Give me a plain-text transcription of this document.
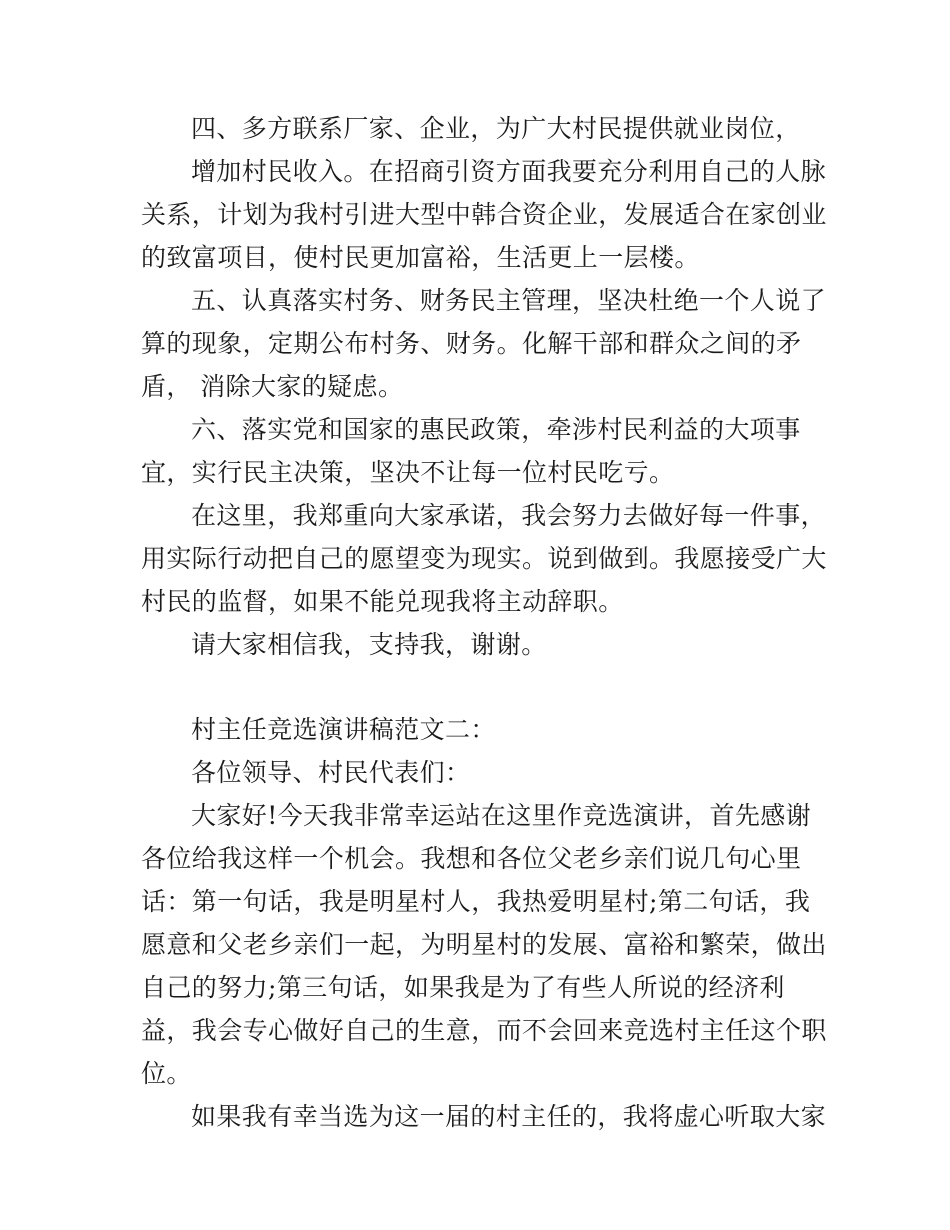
四、多方联系厂家、企业，为广大村民提供就业岗位，
增加村民收入。在招商引资方面我要充分利用自己的人脉
关系，计划为我村引进大型中韩合资企业，发展适合在家创业
的致富项目，使村民更加富裕，生活更上一层楼。
五、认真落实村务、财务民主管理，坚决杜绝一个人说了
算的现象，定期公布村务、财务。化解干部和群众之间的矛
盾， 消除大家的疑虑。
六、落实党和国家的惠民政策，牵涉村民利益的大项事
宜，实行民主决策，坚决不让每一位村民吃亏。
在这里，我郑重向大家承诺，我会努力去做好每一件事，
用实际行动把自己的愿望变为现实。说到做到。我愿接受广大
村民的监督，如果不能兑现我将主动辞职。
请大家相信我，支持我，谢谢。
村主任竞选演讲稿范文二：
各位领导、村民代表们：
大家好!今天我非常幸运站在这里作竞选演讲，首先感谢
各位给我这样一个机会。我想和各位父老乡亲们说几句心里
话：第一句话，我是明星村人，我热爱明星村;第二句话，我
愿意和父老乡亲们一起，为明星村的发展、富裕和繁荣，做出
自己的努力;第三句话，如果我是为了有些人所说的经济利
益，我会专心做好自己的生意，而不会回来竞选村主任这个职
位。
如果我有幸当选为这一届的村主任的，我将虚心听取大家
